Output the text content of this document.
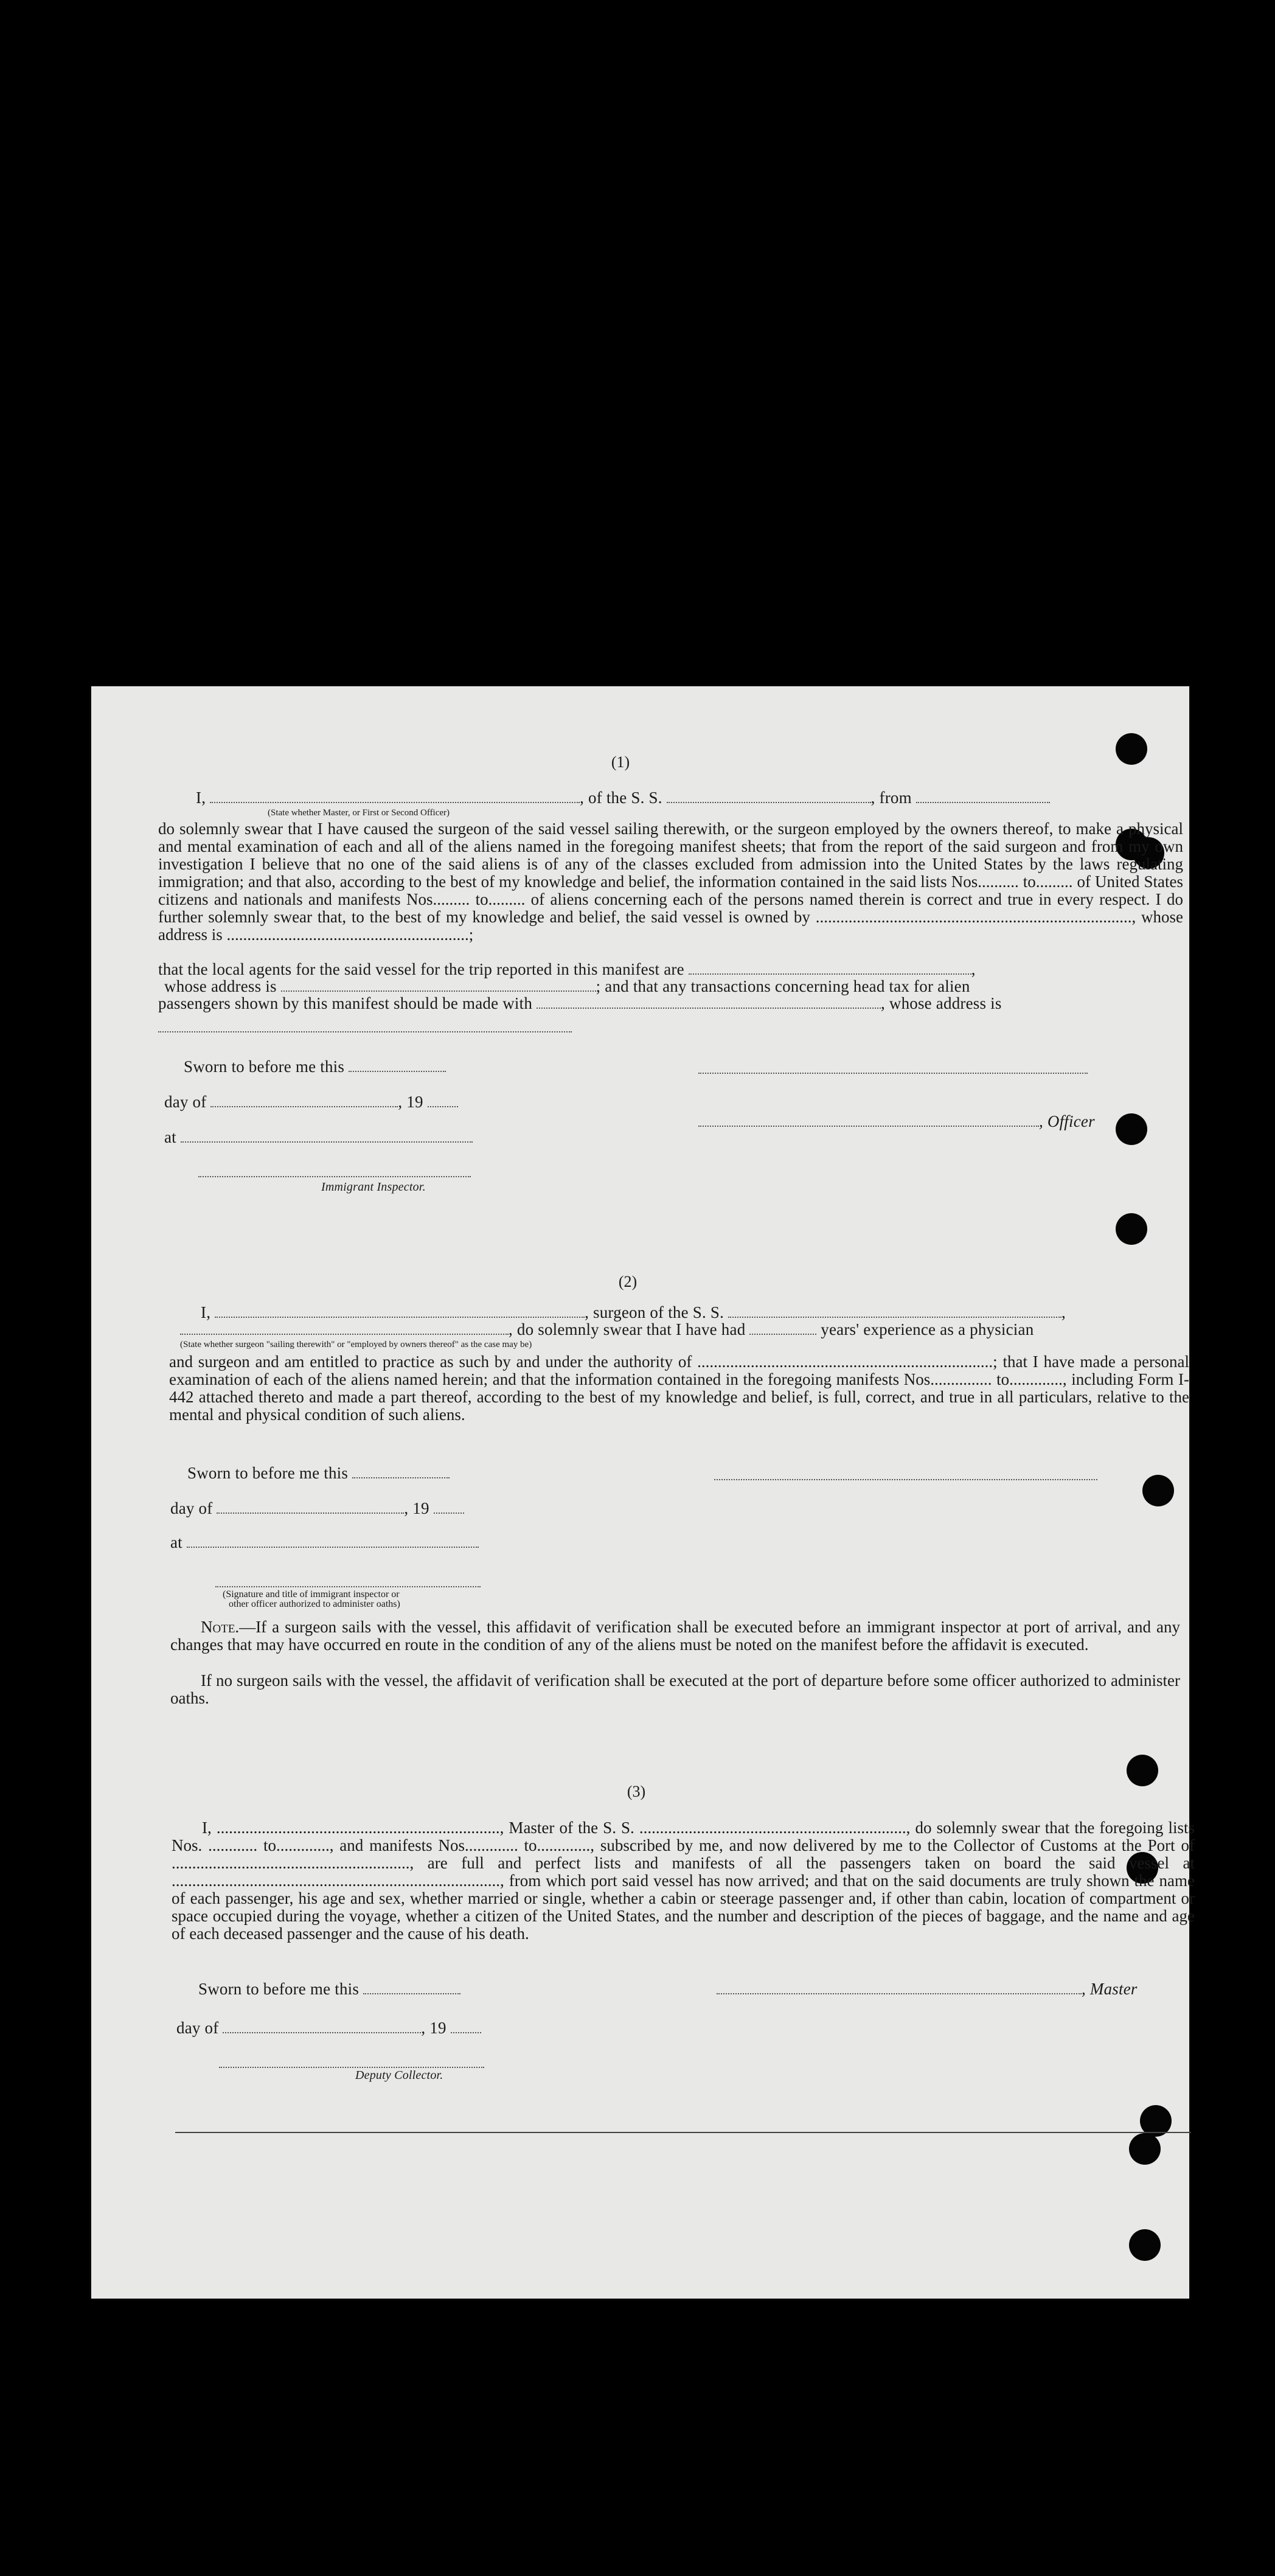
(1)
I,	, of the S. S.	, from
(State whether Master, or First or Second Officer)
do solemnly swear that I have caused the surgeon of the said vessel sailing therewith, or the surgeon employed by the owners thereof, to make a physical and mental examination of each and all of the aliens named in the foregoing manifest sheets; that from the report of the said surgeon and from my own investigation I believe that no one of the said aliens is of any of the classes excluded from admission into the United States by the laws regulating immigration; and that also, according to the best of my knowledge and belief, the information contained in the said lists Nos.......... to......... of United States citizens and nationals and manifests Nos......... to......... of aliens concerning each of the persons named therein is correct and true in every respect. I do further solemnly swear that, to the best of my knowledge and belief, the said vessel is owned by ............................................................................., whose address is ...........................................................;
that the local agents for the said vessel for the trip reported in this manifest are	,
whose address is	; and that any transactions concerning head tax for alien
passengers shown by this manifest should be made with	, whose address is
Sworn to before me this
day of	, 19
, Officer
at
Immigrant Inspector.
(2)
I,	, surgeon of the S. S.	,
, do solemnly swear that I have had	years' experience as a physician
(State whether surgeon "sailing therewith" or "employed by owners thereof" as the case may be)
and surgeon and am entitled to practice as such by and under the authority of ........................................................................; that I have made a personal examination of each of the aliens named herein; and that the information contained in the foregoing manifests Nos............... to............., including Form I-442 attached thereto and made a part thereof, according to the best of my knowledge and belief, is full, correct, and true in all particulars, relative to the mental and physical condition of such aliens.
Sworn to before me this
day of	, 19
at
(Signature and title of immigrant inspector or
other officer authorized to administer oaths)
Note.—If a surgeon sails with the vessel, this affidavit of verification shall be executed before an immigrant inspector at port of arrival, and any changes that may have occurred en route in the condition of any of the aliens must be noted on the manifest before the affidavit is executed.
If no surgeon sails with the vessel, the affidavit of verification shall be executed at the port of departure before some officer authorized to administer oaths.
(3)
I, ....................................................................., Master of the S. S. ................................................................., do solemnly swear that the foregoing lists Nos. ............ to............., and manifests Nos............. to............., subscribed by me, and now delivered by me to the Collector of Customs at the Port of .........................................................., are full and perfect lists and manifests of all the passengers taken on board the said vessel at ................................................................................, from which port said vessel has now arrived; and that on the said documents are truly shown the name of each passenger, his age and sex, whether married or single, whether a cabin or steerage passenger and, if other than cabin, location of compartment or space occupied during the voyage, whether a citizen of the United States, and the number and description of the pieces of baggage, and the name and age of each deceased passenger and the cause of his death.
Sworn to before me this	, Master
day of	, 19
Deputy Collector.
